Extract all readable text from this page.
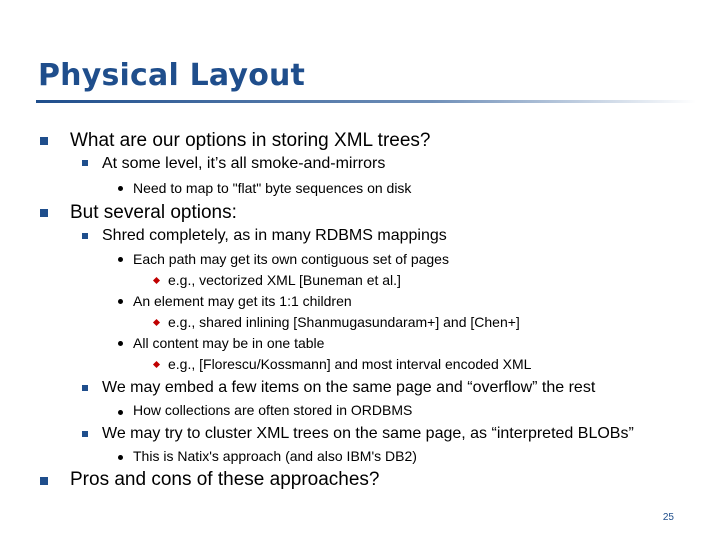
Physical Layout
What are our options in storing XML trees?
At some level, it’s all smoke-and-mirrors
Need to map to "flat" byte sequences on disk
But several options:
Shred completely, as in many RDBMS mappings
Each path may get its own contiguous set of pages
e.g., vectorized XML [Buneman et al.]
An element may get its 1:1 children
e.g., shared inlining [Shanmugasundaram+] and [Chen+]
All content may be in one table
e.g., [Florescu/Kossmann] and most interval encoded XML
We may embed a few items on the same page and “overflow” the rest
How collections are often stored in ORDBMS
We may try to cluster XML trees on the same page, as “interpreted BLOBs”
This is Natix's approach (and also IBM's DB2)
Pros and cons of these approaches?
25
